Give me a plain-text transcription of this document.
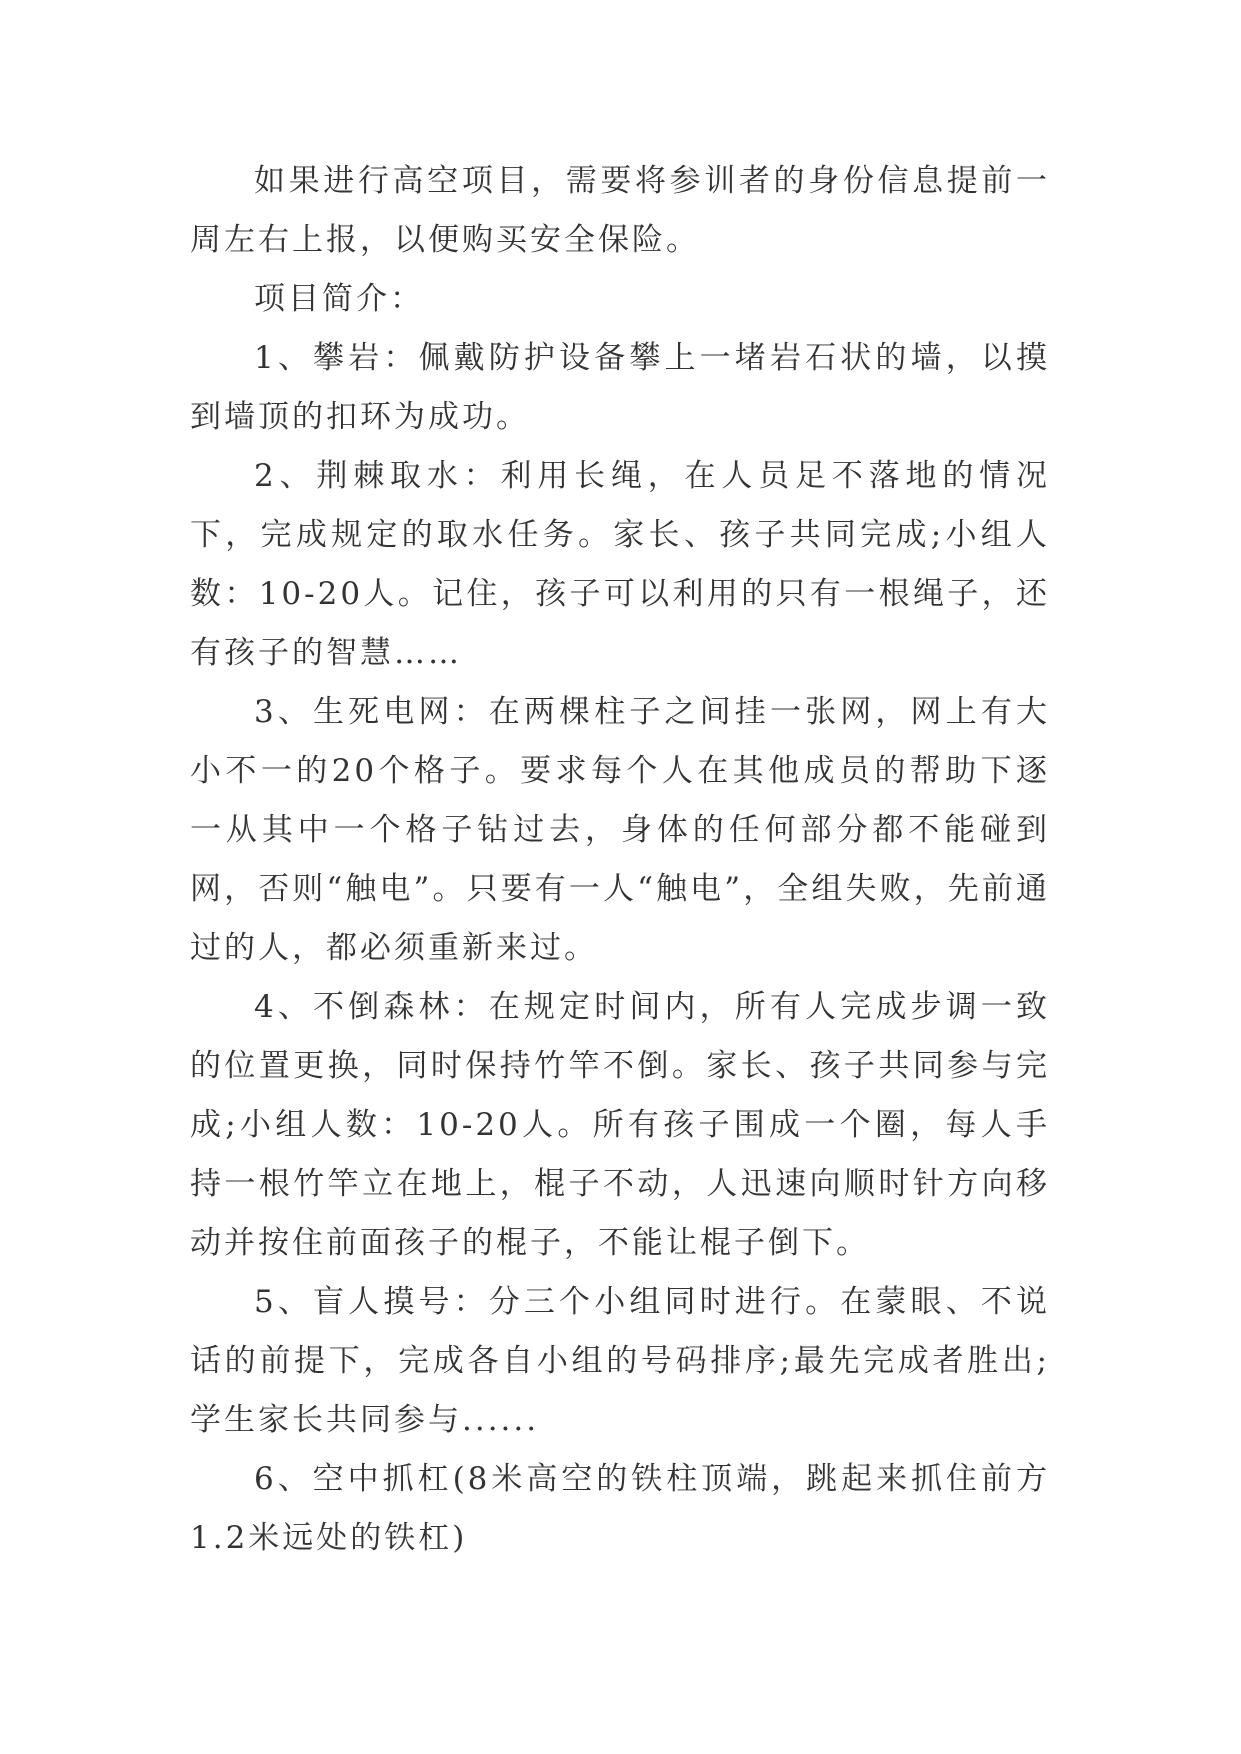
如果进行高空项目，需要将参训者的身份信息提前一周左右上报，以便购买安全保险。

项目简介：

1、攀岩：佩戴防护设备攀上一堵岩石状的墙，以摸到墙顶的扣环为成功。

2、荆棘取水：利用长绳，在人员足不落地的情况下，完成规定的取水任务。家长、孩子共同完成;小组人数：10-20人。记住，孩子可以利用的只有一根绳子，还有孩子的智慧……

3、生死电网：在两棵柱子之间挂一张网，网上有大小不一的20个格子。要求每个人在其他成员的帮助下逐一从其中一个格子钻过去，身体的任何部分都不能碰到网，否则“触电”。只要有一人“触电”，全组失败，先前通过的人，都必须重新来过。

4、不倒森林：在规定时间内，所有人完成步调一致的位置更换，同时保持竹竿不倒。家长、孩子共同参与完成;小组人数：10-20人。所有孩子围成一个圈，每人手持一根竹竿立在地上，棍子不动，人迅速向顺时针方向移动并按住前面孩子的棍子，不能让棍子倒下。

5、盲人摸号：分三个小组同时进行。在蒙眼、不说话的前提下，完成各自小组的号码排序;最先完成者胜出;学生家长共同参与......

6、空中抓杠(8米高空的铁柱顶端，跳起来抓住前方1.2米远处的铁杠)
